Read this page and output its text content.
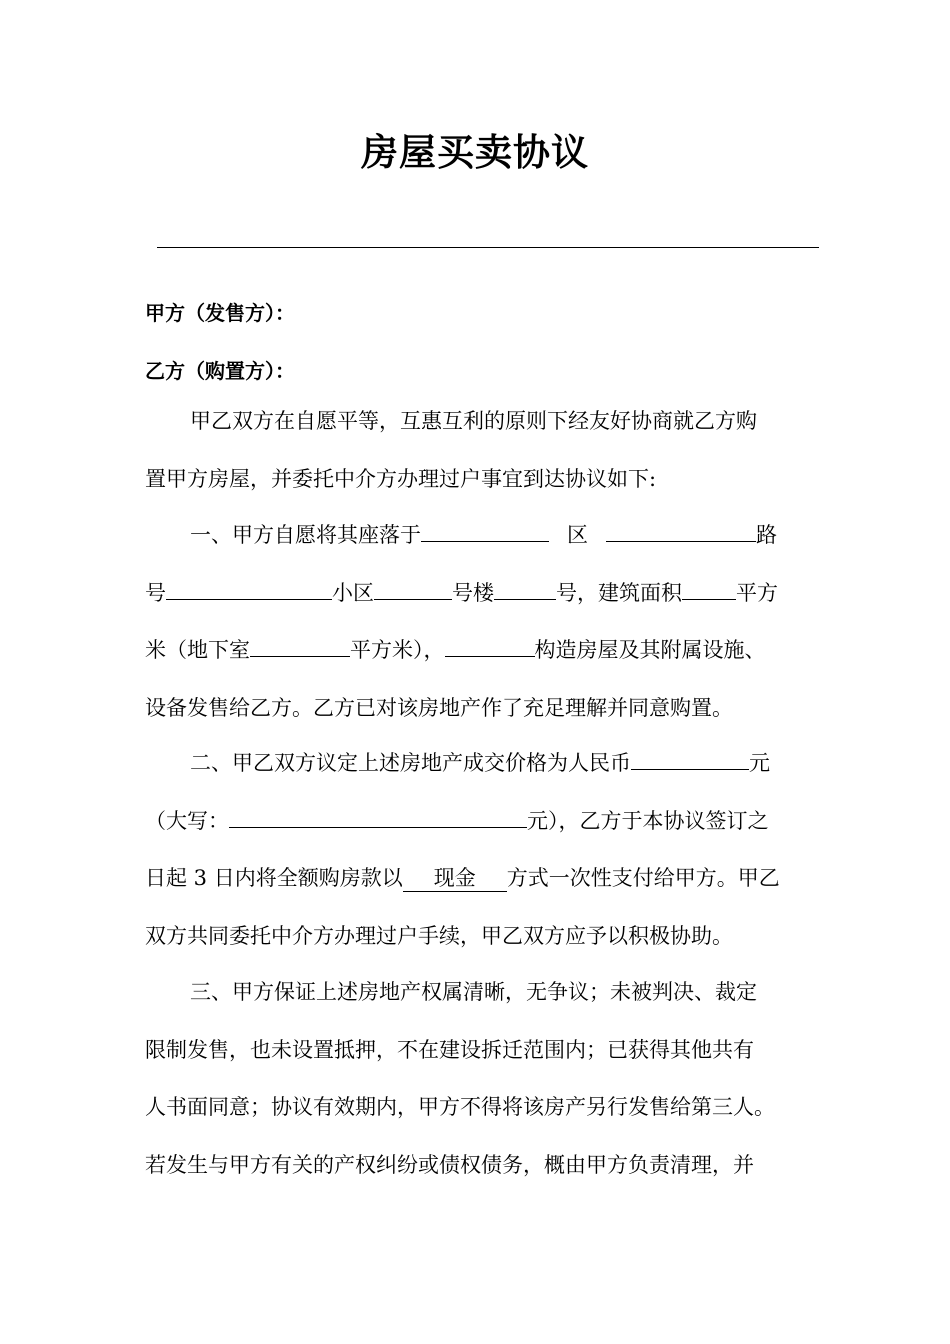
房屋买卖协议
甲方（发售方）：
乙方（购置方）：
甲乙双方在自愿平等，互惠互利的原则下经友好协商就乙方购
置甲方房屋，并委托中介方办理过户事宜到达协议如下:
一、甲方自愿将其座落于	区	路
号	小区	号楼	号，建筑面积	平方
米（地下室	平方米），	构造房屋及其附属设施、
设备发售给乙方。乙方已对该房地产作了充足理解并同意购置。
二、甲乙双方议定上述房地产成交价格为人民币	元
（大写：	元），乙方于本协议签订之
日起 3 日内将全额购房款以 现金 方式一次性支付给甲方。甲乙
双方共同委托中介方办理过户手续，甲乙双方应予以积极协助。
三、甲方保证上述房地产权属清晰，无争议；未被判决、裁定
限制发售，也未设置抵押，不在建设拆迁范围内；已获得其他共有
人书面同意；协议有效期内，甲方不得将该房产另行发售给第三人。
若发生与甲方有关的产权纠纷或债权债务，概由甲方负责清理，并
